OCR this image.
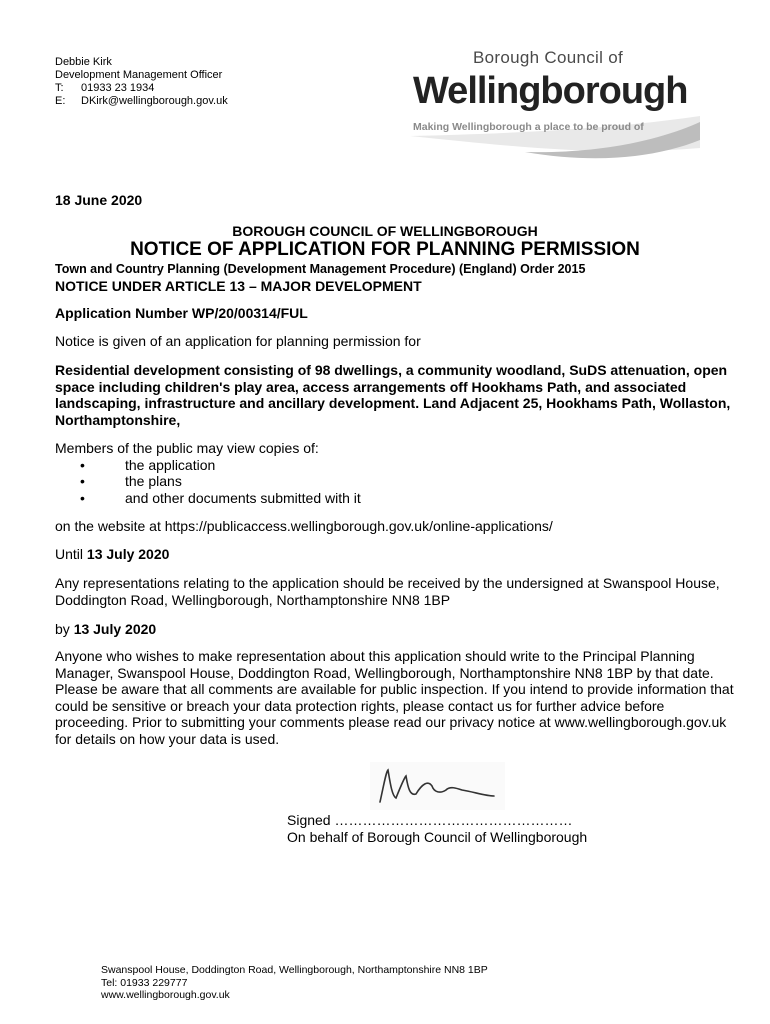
Debbie Kirk
Development Management Officer
T:	01933 23 1934
E:	DKirk@wellingborough.gov.uk
Borough Council of
Wellingborough
Making Wellingborough a place to be proud of
18 June 2020
BOROUGH COUNCIL OF WELLINGBOROUGH
NOTICE OF APPLICATION FOR PLANNING PERMISSION
Town and Country Planning (Development Management Procedure) (England) Order 2015
NOTICE UNDER ARTICLE 13 – MAJOR DEVELOPMENT
Application Number WP/20/00314/FUL
Notice is given of an application for planning permission for
Residential development consisting of 98 dwellings, a community woodland, SuDS attenuation, open space including children's play area, access arrangements off Hookhams Path, and associated landscaping, infrastructure and ancillary development. Land Adjacent 25, Hookhams Path, Wollaston, Northamptonshire,
Members of the public may view copies of:
• the application
• the plans
• and other documents submitted with it
on the website at https://publicaccess.wellingborough.gov.uk/online-applications/
Until 13 July 2020
Any representations relating to the application should be received by the undersigned at Swanspool House, Doddington Road, Wellingborough, Northamptonshire NN8 1BP
by 13 July 2020
Anyone who wishes to make representation about this application should write to the Principal Planning Manager, Swanspool House, Doddington Road, Wellingborough, Northamptonshire NN8 1BP by that date. Please be aware that all comments are available for public inspection. If you intend to provide information that could be sensitive or breach your data protection rights, please contact us for further advice before proceeding. Prior to submitting your comments please read our privacy notice at www.wellingborough.gov.uk for details on how your data is used.
Signed ……………………………………………
On behalf of Borough Council of Wellingborough
Swanspool House, Doddington Road, Wellingborough, Northamptonshire NN8 1BP
Tel: 01933 229777
www.wellingborough.gov.uk
